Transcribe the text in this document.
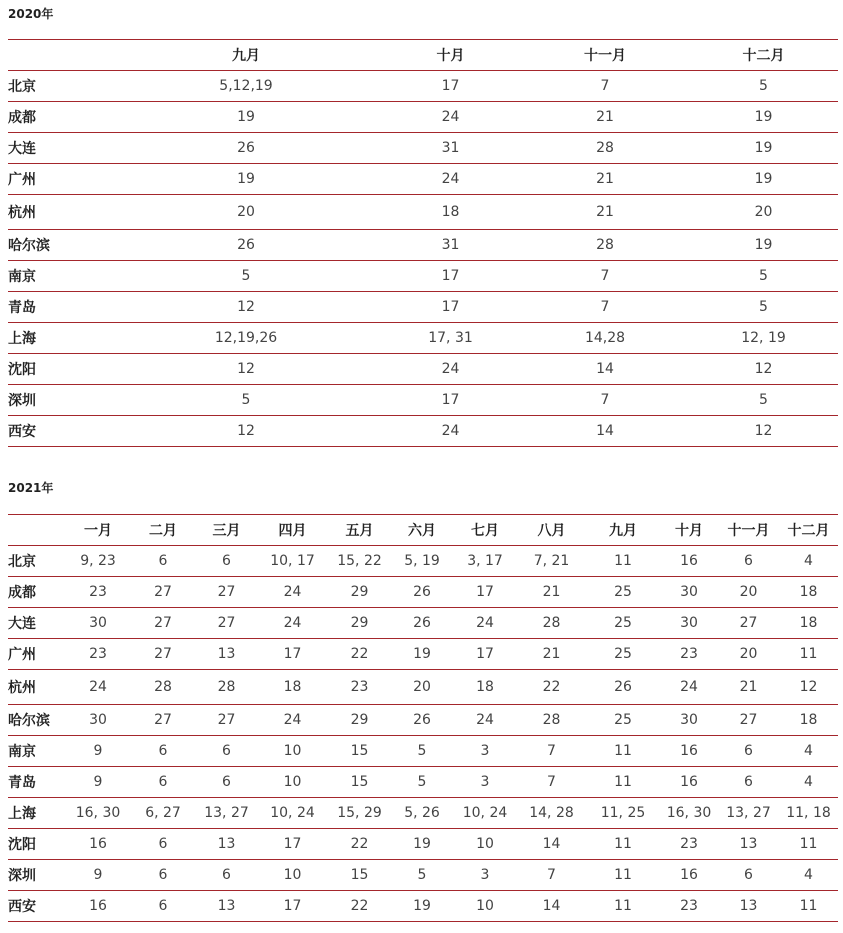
2020年
	九月	十月	十一月	十二月
北京	5,12,19	17	7	5
成都	19	24	21	19
大连	26	31	28	19
广州	19	24	21	19
杭州	20	18	21	20
哈尔滨	26	31	28	19
南京	5	17	7	5
青岛	12	17	7	5
上海	12,19,26	17, 31	14,28	12, 19
沈阳	12	24	14	12
深圳	5	17	7	5
西安	12	24	14	12
2021年
	一月	二月	三月	四月	五月	六月	七月	八月	九月	十月	十一月	十二月
北京	9, 23	6	6	10, 17	15, 22	5, 19	3, 17	7, 21	11	16	6	4
成都	23	27	27	24	29	26	17	21	25	30	20	18
大连	30	27	27	24	29	26	24	28	25	30	27	18
广州	23	27	13	17	22	19	17	21	25	23	20	11
杭州	24	28	28	18	23	20	18	22	26	24	21	12
哈尔滨	30	27	27	24	29	26	24	28	25	30	27	18
南京	9	6	6	10	15	5	3	7	11	16	6	4
青岛	9	6	6	10	15	5	3	7	11	16	6	4
上海	16, 30	6, 27	13, 27	10, 24	15, 29	5, 26	10, 24	14, 28	11, 25	16, 30	13, 27	11, 18
沈阳	16	6	13	17	22	19	10	14	11	23	13	11
深圳	9	6	6	10	15	5	3	7	11	16	6	4
西安	16	6	13	17	22	19	10	14	11	23	13	11
